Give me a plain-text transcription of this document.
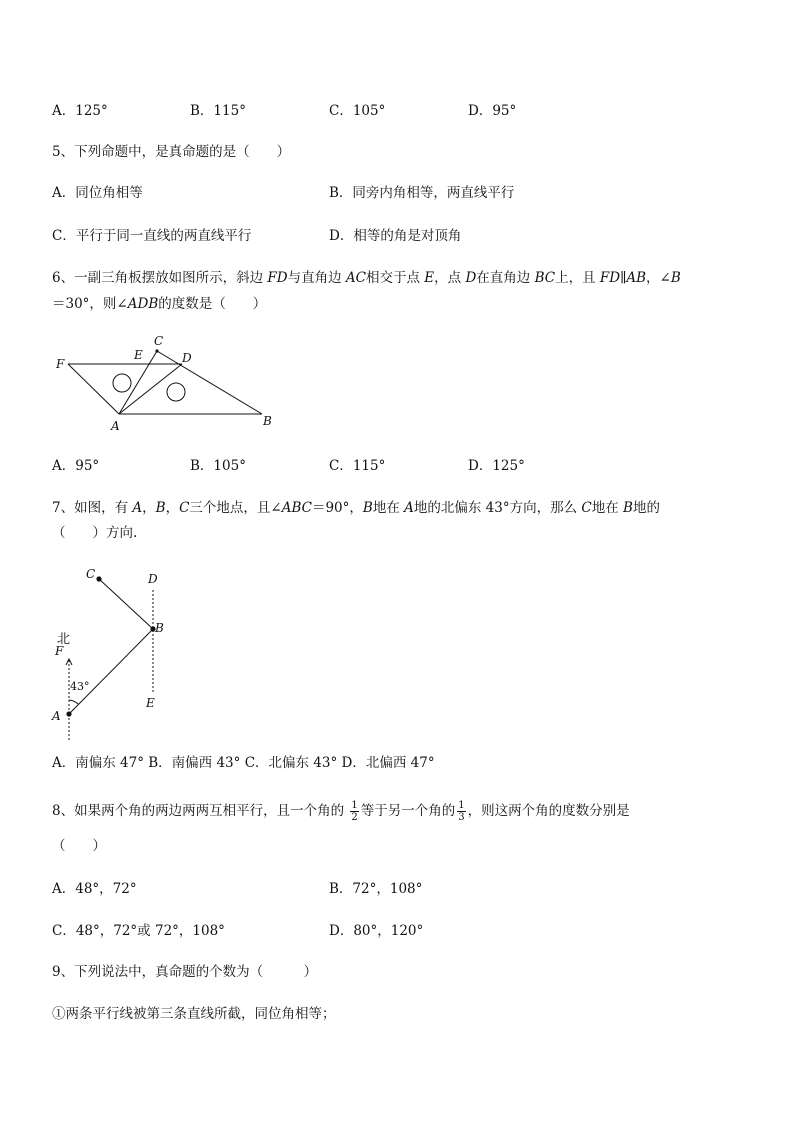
A．125°	B．115°	C．105°	D．95°
5、下列命题中，是真命题的是（　　）
A．同位角相等	B．同旁内角相等，两直线平行
C．平行于同一直线的两直线平行	D．相等的角是对顶角
6、一副三角板摆放如图所示，斜边 FD与直角边 AC相交于点 E，点 D在直角边 BC上，且 FD∥AB，∠B
＝30°，则∠ADB的度数是（　　）
F
E
C
D
A	B
A．95°	B．105°	C．115°	D．125°
7、如图，有 A，B，C三个地点，且∠ABC＝90°，B地在 A地的北偏东 43°方向，那么 C地在 B地的
（　　）方向.
C	D
B
北
F
43°
A
E
A．南偏东 47° B．南偏西 43° C．北偏东 43° D．北偏西 47°
8、如果两个角的两边两两互相平行，且一个角的 $\frac{1}{2}$ 等于另一个角的 $\frac{1}{3}$ ，则这两个角的度数分别是
（　　）
A．48°，72°	B．72°，108°
C．48°，72°或 72°，108°	D．80°，120°
9、下列说法中，真命题的个数为（　　　）
①两条平行线被第三条直线所截，同位角相等；
